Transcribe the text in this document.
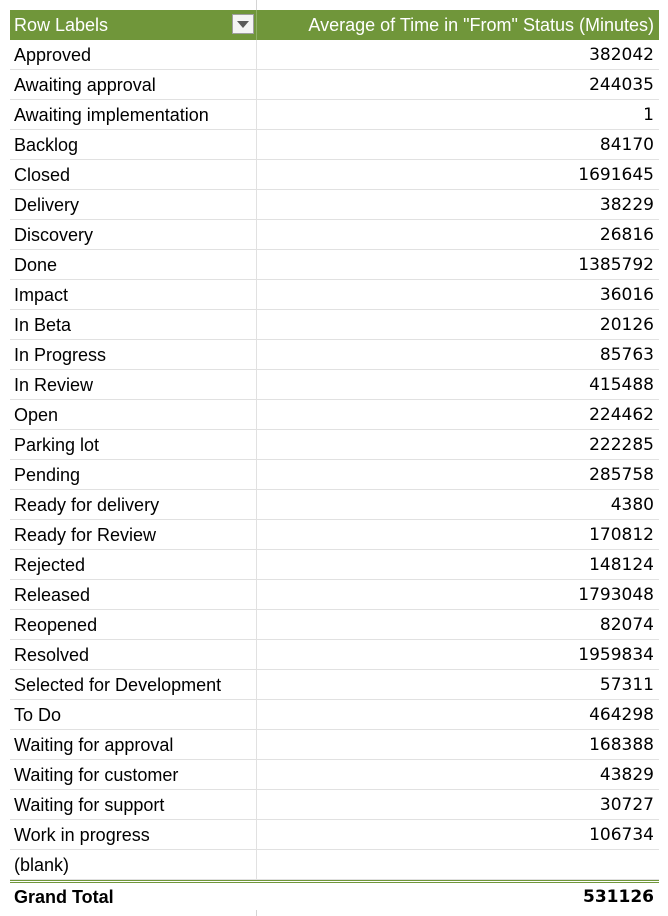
Row Labels	Average of Time in "From" Status (Minutes)
Approved	382042
Awaiting approval	244035
Awaiting implementation	1
Backlog	84170
Closed	1691645
Delivery	38229
Discovery	26816
Done	1385792
Impact	36016
In Beta	20126
In Progress	85763
In Review	415488
Open	224462
Parking lot	222285
Pending	285758
Ready for delivery	4380
Ready for Review	170812
Rejected	148124
Released	1793048
Reopened	82074
Resolved	1959834
Selected for Development	57311
To Do	464298
Waiting for approval	168388
Waiting for customer	43829
Waiting for support	30727
Work in progress	106734
(blank)
Grand Total	531126
